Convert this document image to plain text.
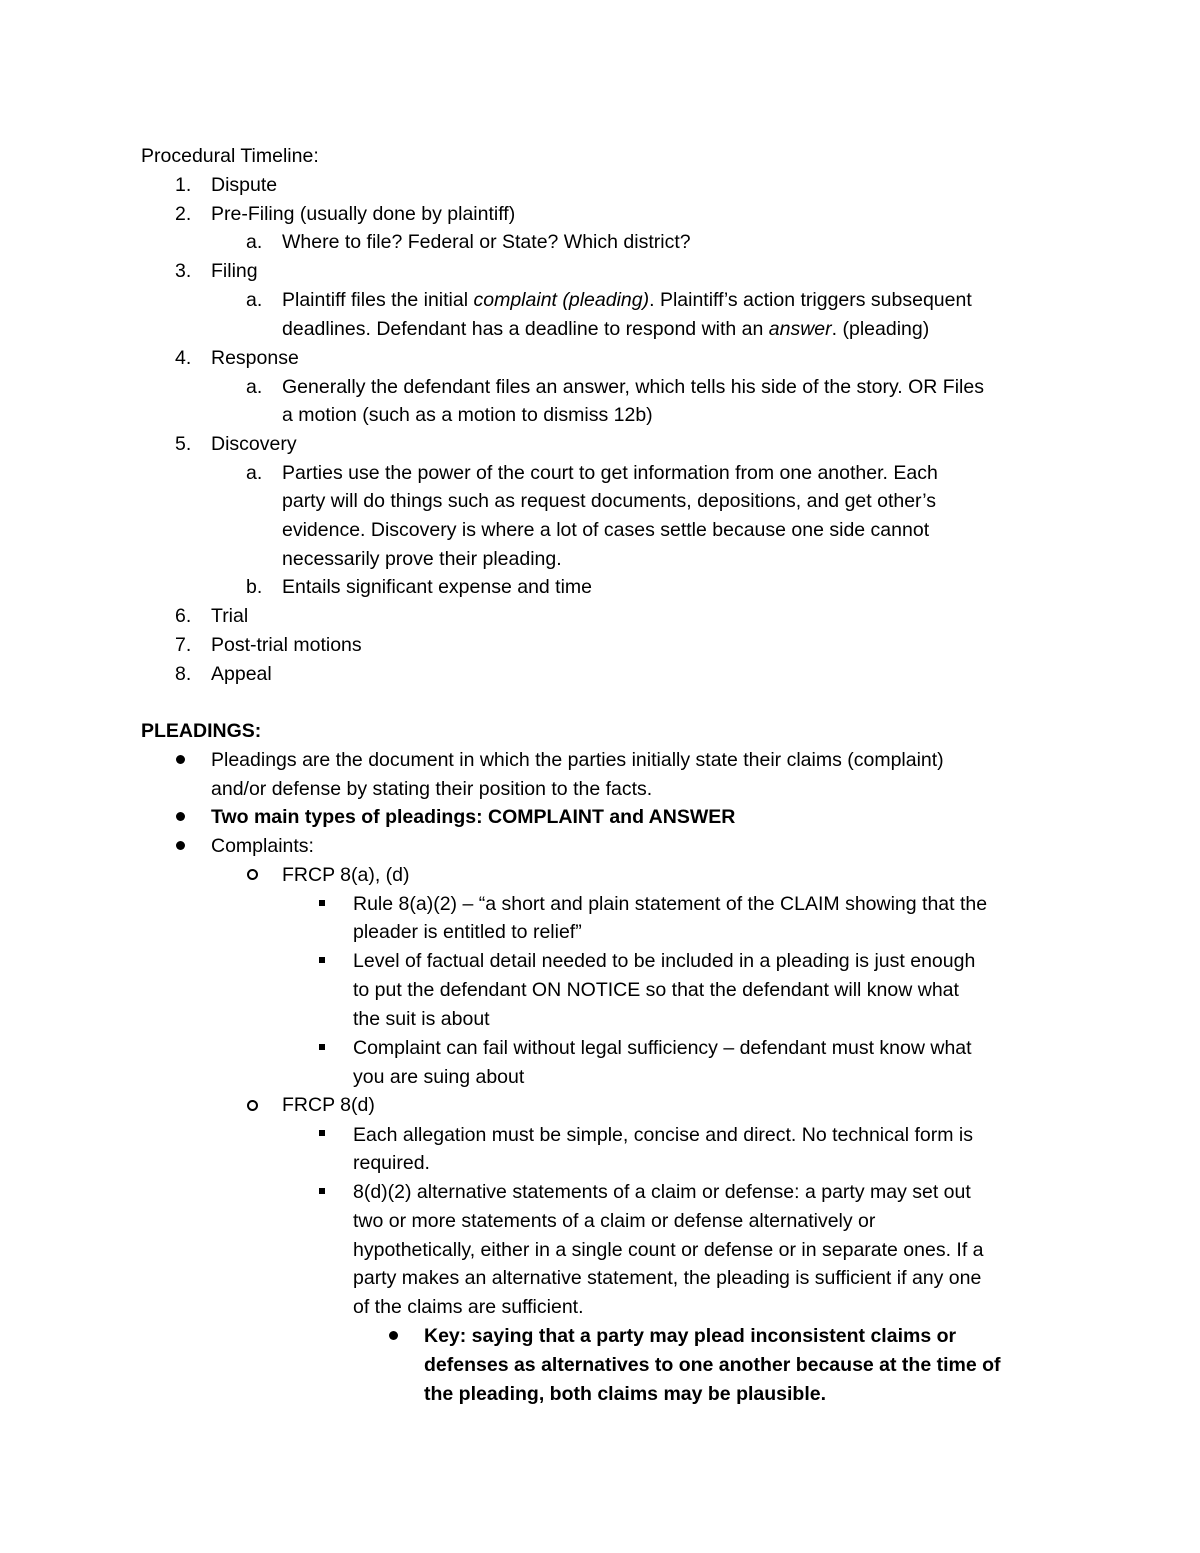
Procedural Timeline:
1. Dispute
2. Pre-Filing (usually done by plaintiff)
a. Where to file? Federal or State? Which district?
3. Filing
a. Plaintiff files the initial complaint (pleading). Plaintiff’s action triggers subsequent
deadlines. Defendant has a deadline to respond with an answer. (pleading)
4. Response
a. Generally the defendant files an answer, which tells his side of the story. OR Files
a motion (such as a motion to dismiss 12b)
5. Discovery
a. Parties use the power of the court to get information from one another. Each
party will do things such as request documents, depositions, and get other’s
evidence. Discovery is where a lot of cases settle because one side cannot
necessarily prove their pleading.
b. Entails significant expense and time
6. Trial
7. Post-trial motions
8. Appeal
PLEADINGS:
Pleadings are the document in which the parties initially state their claims (complaint)
and/or defense by stating their position to the facts.
Two main types of pleadings: COMPLAINT and ANSWER
Complaints:
FRCP 8(a), (d)
Rule 8(a)(2) – “a short and plain statement of the CLAIM showing that the
pleader is entitled to relief”
Level of factual detail needed to be included in a pleading is just enough
to put the defendant ON NOTICE so that the defendant will know what
the suit is about
Complaint can fail without legal sufficiency – defendant must know what
you are suing about
FRCP 8(d)
Each allegation must be simple, concise and direct. No technical form is
required.
8(d)(2) alternative statements of a claim or defense: a party may set out
two or more statements of a claim or defense alternatively or
hypothetically, either in a single count or defense or in separate ones. If a
party makes an alternative statement, the pleading is sufficient if any one
of the claims are sufficient.
Key: saying that a party may plead inconsistent claims or
defenses as alternatives to one another because at the time of
the pleading, both claims may be plausible.
